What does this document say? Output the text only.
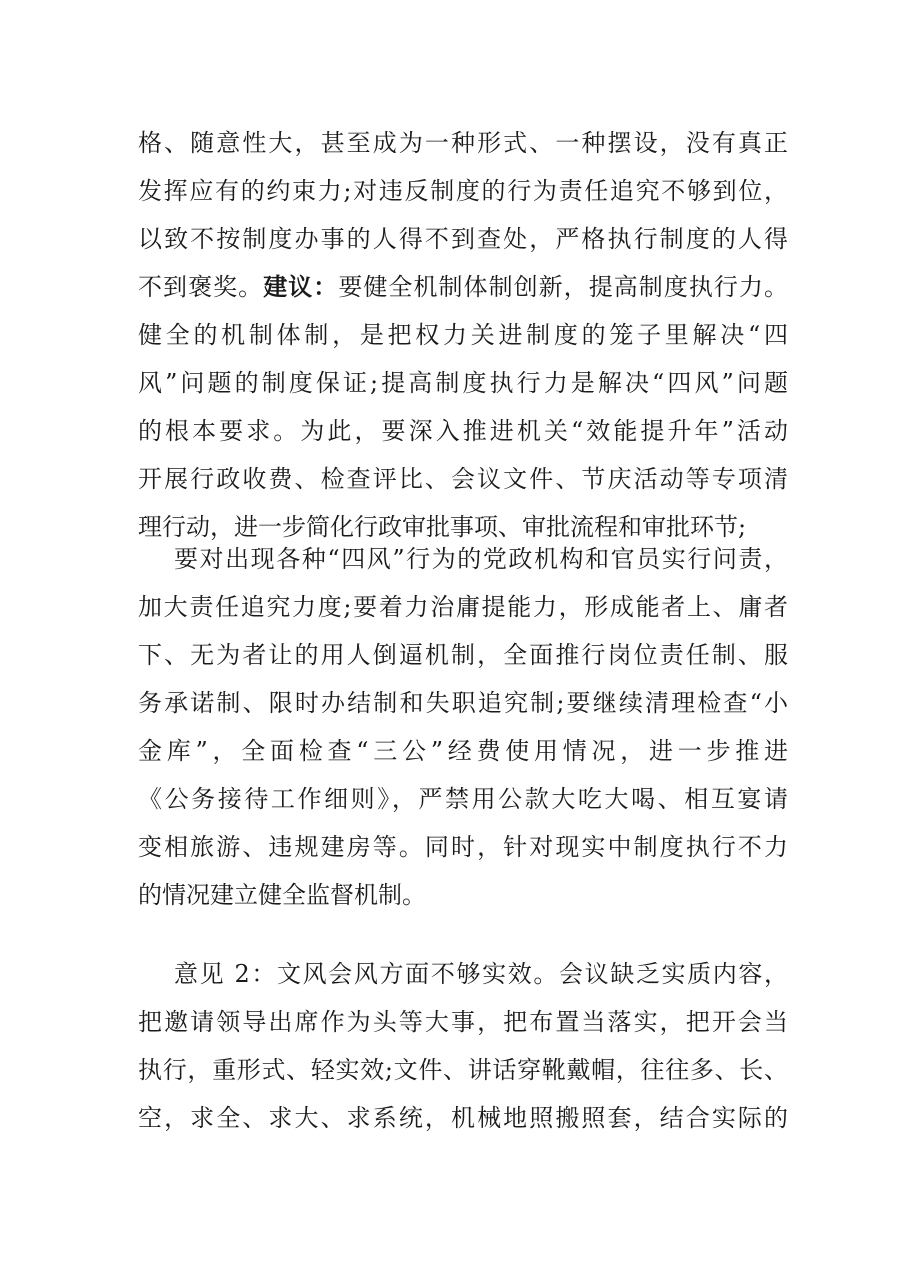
格、随意性大，甚至成为一种形式、一种摆设，没有真正
发挥应有的约束力;对违反制度的行为责任追究不够到位，
以致不按制度办事的人得不到查处，严格执行制度的人得
不到褒奖。建议：要健全机制体制创新，提高制度执行力。
健全的机制体制，是把权力关进制度的笼子里解决“四
风”问题的制度保证;提高制度执行力是解决“四风”问题
的根本要求。为此，要深入推进机关“效能提升年”活动
开展行政收费、检查评比、会议文件、节庆活动等专项清
理行动，进一步简化行政审批事项、审批流程和审批环节;
要对出现各种“四风”行为的党政机构和官员实行问责，
加大责任追究力度;要着力治庸提能力，形成能者上、庸者
下、无为者让的用人倒逼机制，全面推行岗位责任制、服
务承诺制、限时办结制和失职追究制;要继续清理检查“小
金库”，全面检查“三公”经费使用情况，进一步推进
《公务接待工作细则》，严禁用公款大吃大喝、相互宴请
变相旅游、违规建房等。同时，针对现实中制度执行不力
的情况建立健全监督机制。
意见 2：文风会风方面不够实效。会议缺乏实质内容，
把邀请领导出席作为头等大事，把布置当落实，把开会当
执行，重形式、轻实效;文件、讲话穿靴戴帽，往往多、长、
空，求全、求大、求系统，机械地照搬照套，结合实际的
